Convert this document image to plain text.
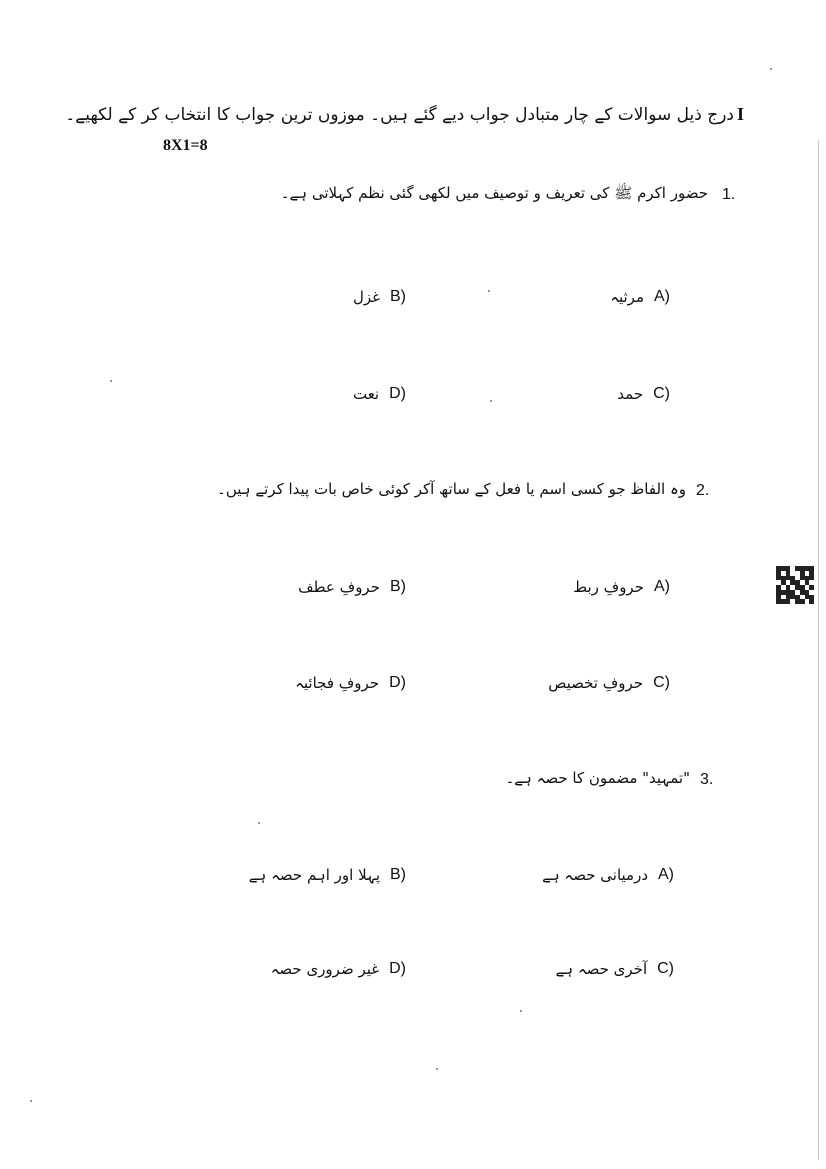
I
درج ذیل سوالات کے چار متبادل جواب دیے گئے ہیں۔ موزوں ترین جواب کا انتخاب کر کے لکھیے۔
8X1=8
1.
حضور اکرم ﷺ کی تعریف و توصیف میں لکھی گئی نظم کہلاتی ہے۔
A)
مرثیہ
B)
غزل
C)
حمد
D)
نعت
2.
وہ الفاظ جو کسی اسم یا فعل کے ساتھ آکر کوئی خاص بات پیدا کرتے ہیں۔
A)
حروفِ ربط
B)
حروفِ عطف
C)
حروفِ تخصیص
D)
حروفِ فجائیہ
3.
"تمہید" مضمون کا حصہ ہے۔
A)
درمیانی حصہ ہے
B)
پہلا اور اہم حصہ ہے
C)
آخری حصہ ہے
D)
غیر ضروری حصہ
